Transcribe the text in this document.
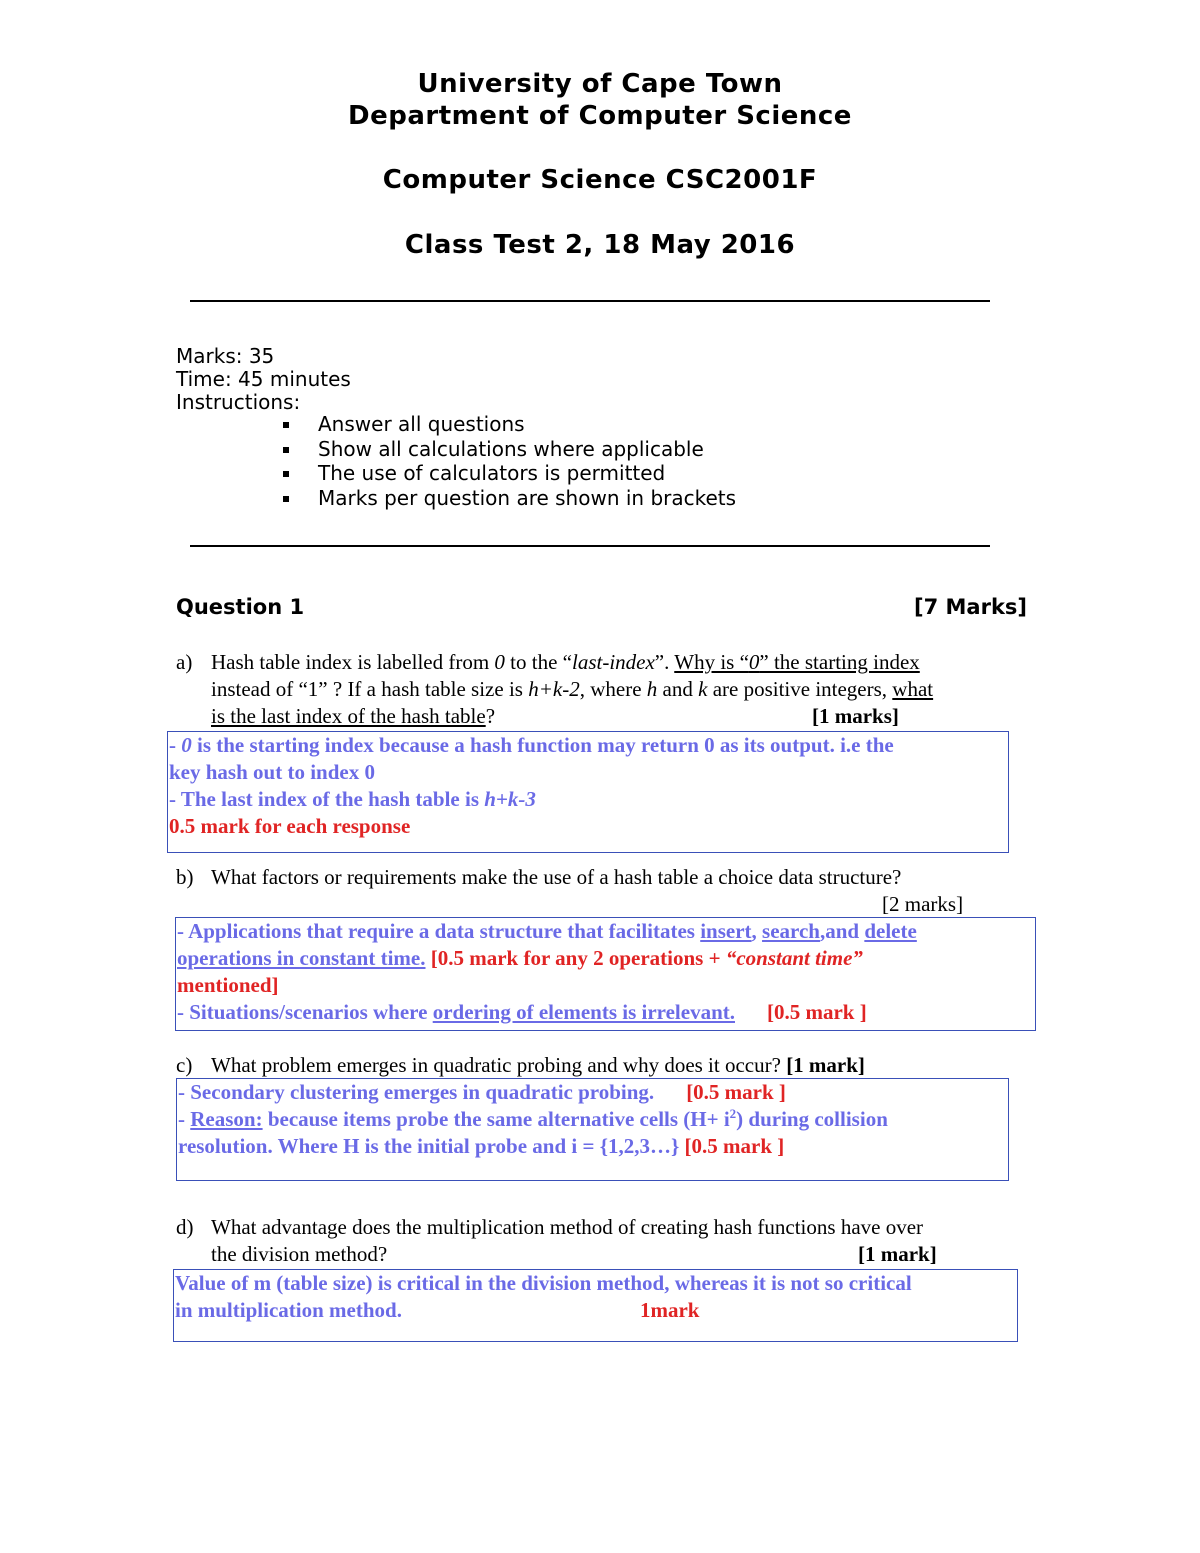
University of Cape Town
Department of Computer Science
Computer Science CSC2001F
Class Test 2, 18 May 2016
Marks: 35
Time: 45 minutes
Instructions:
Answer all questions
Show all calculations where applicable
The use of calculators is permitted
Marks per question are shown in brackets
Question 1	[7 Marks]
a) Hash table index is labelled from 0 to the “last-index”. Why is “0” the starting index
instead of “1” ? If a hash table size is h+k-2, where h and k are positive integers, what
is the last index of the hash table?	[1 marks]
- 0 is the starting index because a hash function may return 0 as its output. i.e the
key hash out to index 0
- The last index of the hash table is h+k-3
0.5 mark for each response
b) What factors or requirements make the use of a hash table a choice data structure?
[2 marks]
- Applications that require a data structure that facilitates insert, search,and delete
operations in constant time. [0.5 mark for any 2 operations + “constant time”
mentioned]
- Situations/scenarios where ordering of elements is irrelevant. [0.5 mark ]
c) What problem emerges in quadratic probing and why does it occur? [1 mark]
- Secondary clustering emerges in quadratic probing. [0.5 mark ]
- Reason: because items probe the same alternative cells $(H+ i^2)$ during collision
resolution. Where H is the initial probe and i = {1,2,3…} [0.5 mark ]
d) What advantage does the multiplication method of creating hash functions have over
the division method?	[1 mark]
Value of m (table size) is critical in the division method, whereas it is not so critical
in multiplication method.	1mark
